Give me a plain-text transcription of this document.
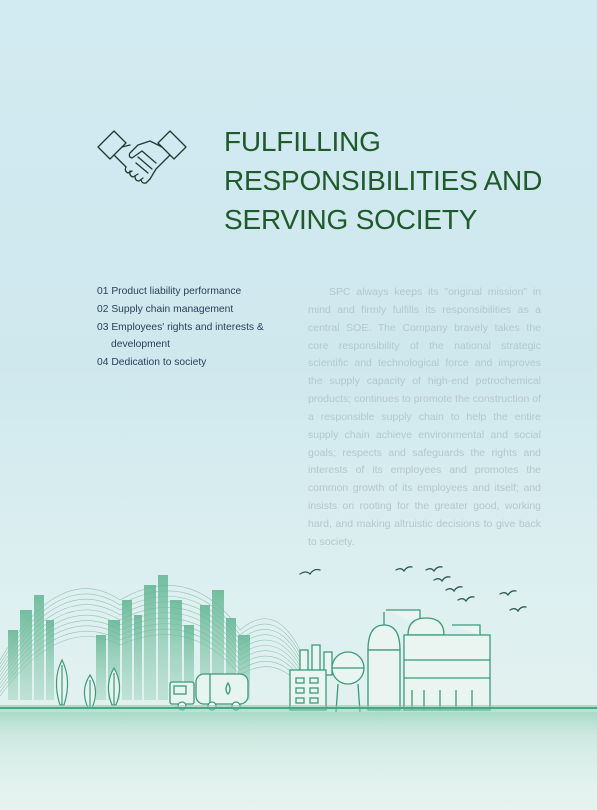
FULFILLING
RESPONSIBILITIES AND
SERVING SOCIETY
01 Product liability performance
02 Supply chain management
03 Employees' rights and interests &
development
04 Dedication to society

SPC always keeps its "original mission" in mind and firmly fulfills its responsibilities as a central SOE. The Company bravely takes the core responsibility of the national strategic scientific and technological force and improves the supply capacity of high-end petrochemical products; continues to promote the construction of a responsible supply chain to help the entire supply chain achieve environmental and social goals; respects and safeguards the rights and interests of its employees and promotes the common growth of its employees and itself; and insists on rooting for the greater good, working hard, and making altruistic decisions to give back to society.
